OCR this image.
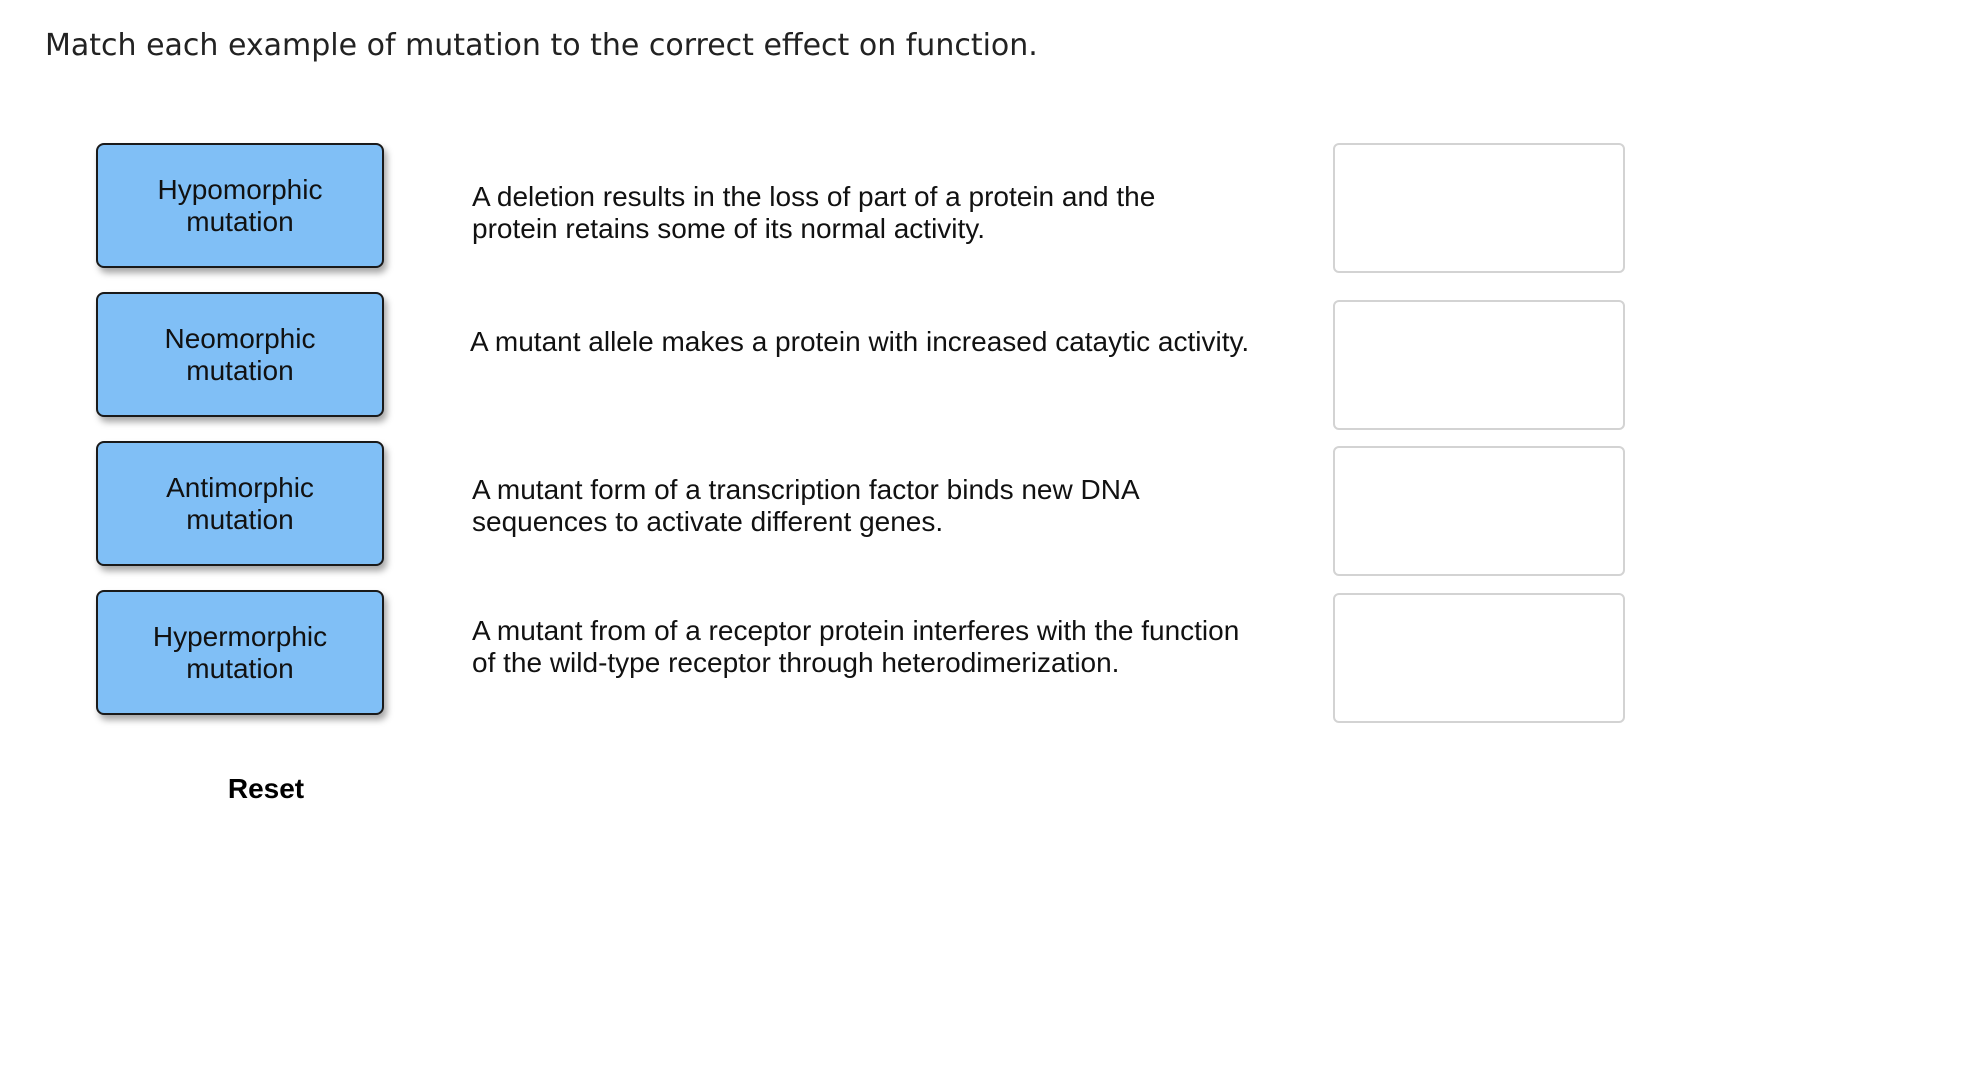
Match each example of mutation to the correct effect on function.
Hypomorphic
mutation
Neomorphic
mutation
Antimorphic
mutation
Hypermorphic
mutation
A deletion results in the loss of part of a protein and the
protein retains some of its normal activity.
A mutant allele makes a protein with increased cataytic activity.
A mutant form of a transcription factor binds new DNA
sequences to activate different genes.
A mutant from of a receptor protein interferes with the function
of the wild-type receptor through heterodimerization.
Reset
